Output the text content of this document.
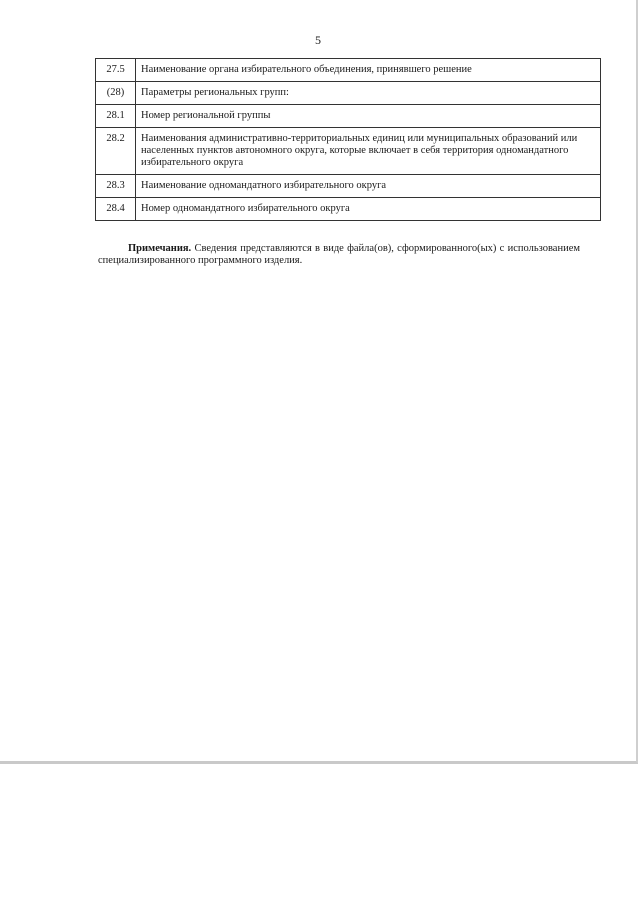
5
27.5	Наименование органа избирательного объединения, принявшего решение
(28)	Параметры региональных групп:
28.1	Номер региональной группы
28.2	Наименования административно-территориальных единиц или муниципальных образований или населенных пунктов автономного округа, которые включает в себя территория одномандатного избирательного округа
28.3	Наименование одномандатного избирательного округа
28.4	Номер одномандатного избирательного округа

Примечания. Сведения представляются в виде файла(ов), сформированного(ых) с использованием специализированного программного изделия.
